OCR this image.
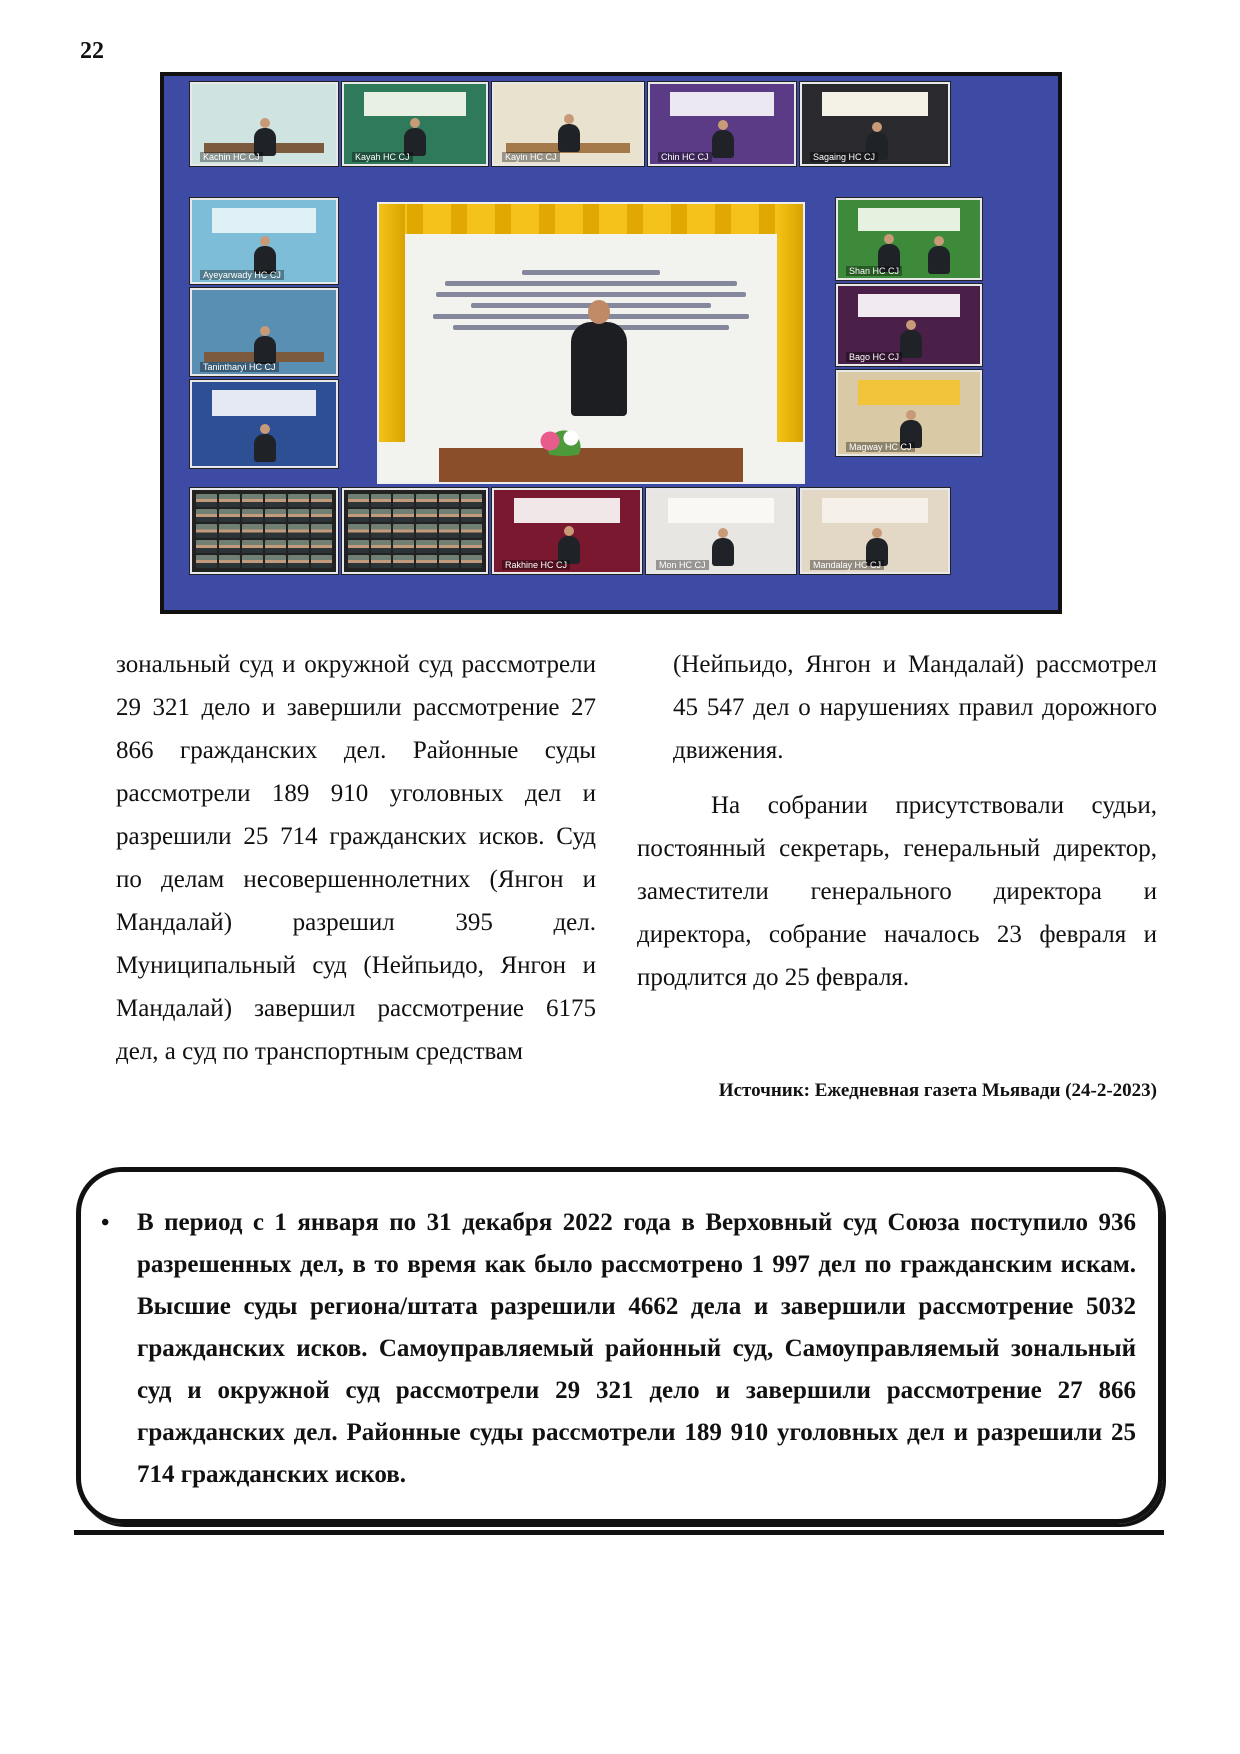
22
Kachin HC CJ	Kayah HC CJ	Kayin HC CJ	Chin HC CJ	Sagaing HC CJ
Ayeyarwady HC CJ
Tanintharyi HC CJ
Shan HC CJ
Bago HC CJ
Magway HC CJ
Rakhine HC CJ	Mon HC CJ	Mandalay HC CJ

зональный суд и окружной суд рассмотрели 29 321 дело и завершили рассмотрение 27 866 гражданских дел. Районные суды рассмотрели 189 910 уголовных дел и разрешили 25 714 гражданских исков. Суд по делам несовершеннолетних (Янгон и Мандалай) разрешил 395 дел. Муниципальный суд (Нейпьидо, Янгон и Мандалай) завершил рассмотрение 6175 дел, а суд по транспортным средствам

(Нейпьидо, Янгон и Мандалай) рассмотрел 45 547 дел о нарушениях правил дорожного движения.

На собрании присутствовали судьи, постоянный секретарь, генеральный директор, заместители генерального директора и директора, собрание началось 23 февраля и продлится до 25 февраля.

Источник: Ежедневная газета Мьявади (24-2-2023)
• В период с 1 января по 31 декабря 2022 года в Верховный суд Союза поступило 936 разрешенных дел, в то время как было рассмотрено 1 997 дел по гражданским искам. Высшие суды региона/штата разрешили 4662 дела и завершили рассмотрение 5032 гражданских исков. Самоуправляемый районный суд, Самоуправляемый зональный суд и окружной суд рассмотрели 29 321 дело и завершили рассмотрение 27 866 гражданских дел. Районные суды рассмотрели 189 910 уголовных дел и разрешили 25 714 гражданских исков.
